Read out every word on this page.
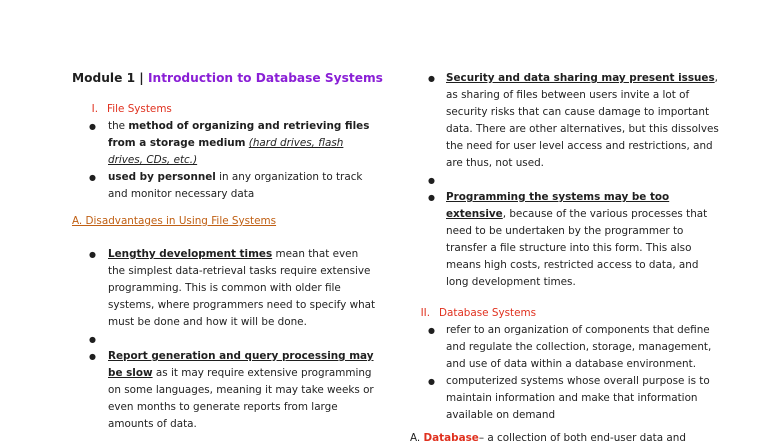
Module 1 | Introduction to Database Systems
I. File Systems
● the method of organizing and retrieving files from a storage medium (hard drives, flash drives, CDs, etc.)
● used by personnel in any organization to track and monitor necessary data
A. Disadvantages in Using File Systems
● Lengthy development times mean that even the simplest data-retrieval tasks require extensive programming. This is common with older file systems, where programmers need to specify what must be done and how it will be done.
●
● Report generation and query processing may be slow as it may require extensive programming on some languages, meaning it may take weeks or even months to generate reports from large amounts of data.
● Security and data sharing may present issues, as sharing of files between users invite a lot of security risks that can cause damage to important data. There are other alternatives, but this dissolves the need for user level access and restrictions, and are thus, not used.
●
● Programming the systems may be too extensive, because of the various processes that need to be undertaken by the programmer to transfer a file structure into this form. This also means high costs, restricted access to data, and long development times.
II. Database Systems
● refer to an organization of components that define and regulate the collection, storage, management, and use of data within a database environment.
● computerized systems whose overall purpose is to maintain information and make that information available on demand
A. Database– a collection of both end-user data and
